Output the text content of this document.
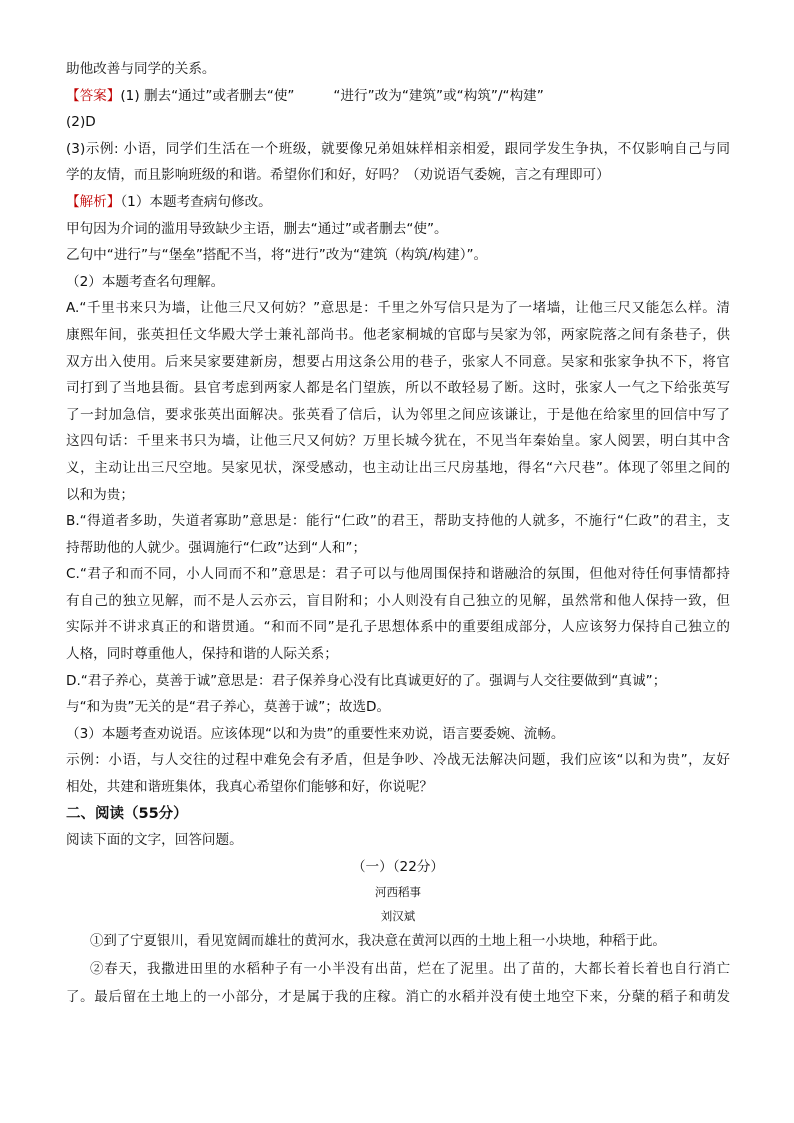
助他改善与同学的关系。
【答案】(1) 删去“通过”或者删去“使”         “进行”改为“建筑”或“构筑”/“构建”
(2)D
(3)示例: 小语，同学们生活在一个班级，就要像兄弟姐妹样相亲相爱，跟同学发生争执，不仅影响自己与同
学的友情，而且影响班级的和谐。希望你们和好，好吗？（劝说语气委婉，言之有理即可）
【解析】（1）本题考查病句修改。
甲句因为介词的滥用导致缺少主语，删去“通过”或者删去“使”。
乙句中“进行”与“堡垒”搭配不当，将“进行”改为“建筑（构筑/构建）”。
（2）本题考查名句理解。
A.“千里书来只为墙，让他三尺又何妨？”意思是：千里之外写信只是为了一堵墙，让他三尺又能怎么样。清
康熙年间，张英担任文华殿大学士兼礼部尚书。他老家桐城的官邸与吴家为邻，两家院落之间有条巷子，供
双方出入使用。后来吴家要建新房，想要占用这条公用的巷子，张家人不同意。吴家和张家争执不下，将官
司打到了当地县衙。县官考虑到两家人都是名门望族，所以不敢轻易了断。这时，张家人一气之下给张英写
了一封加急信，要求张英出面解决。张英看了信后，认为邻里之间应该谦让，于是他在给家里的回信中写了
这四句话：千里来书只为墙，让他三尺又何妨？万里长城今犹在，不见当年秦始皇。家人阅罢，明白其中含
义，主动让出三尺空地。吴家见状，深受感动，也主动让出三尺房基地，得名“六尺巷”。体现了邻里之间的
以和为贵；
B.“得道者多助，失道者寡助”意思是：能行“仁政”的君王，帮助支持他的人就多，不施行“仁政”的君主，支
持帮助他的人就少。强调施行“仁政”达到“人和”；
C.“君子和而不同，小人同而不和”意思是：君子可以与他周围保持和谐融洽的氛围，但他对待任何事情都持
有自己的独立见解，而不是人云亦云，盲目附和；小人则没有自己独立的见解，虽然常和他人保持一致，但
实际并不讲求真正的和谐贯通。“和而不同”是孔子思想体系中的重要组成部分，人应该努力保持自己独立的
人格，同时尊重他人，保持和谐的人际关系；
D.“君子养心，莫善于诚”意思是：君子保养身心没有比真诚更好的了。强调与人交往要做到“真诚”；
与“和为贵”无关的是“君子养心，莫善于诚”；故选D。
（3）本题考查劝说语。应该体现“以和为贵”的重要性来劝说，语言要委婉、流畅。
示例：小语，与人交往的过程中难免会有矛盾，但是争吵、冷战无法解决问题，我们应该“以和为贵”，友好
相处，共建和谐班集体，我真心希望你们能够和好，你说呢？
二、阅读（55分）
阅读下面的文字，回答问题。
（一）（22分）
河西稻事
刘汉斌
①到了宁夏银川，看见宽阔而雄壮的黄河水，我决意在黄河以西的土地上租一小块地，种稻于此。
②春天，我撒进田里的水稻种子有一小半没有出苗，烂在了泥里。出了苗的，大都长着长着也自行消亡
了。最后留在土地上的一小部分，才是属于我的庄稼。消亡的水稻并没有使土地空下来，分蘖的稻子和萌发
